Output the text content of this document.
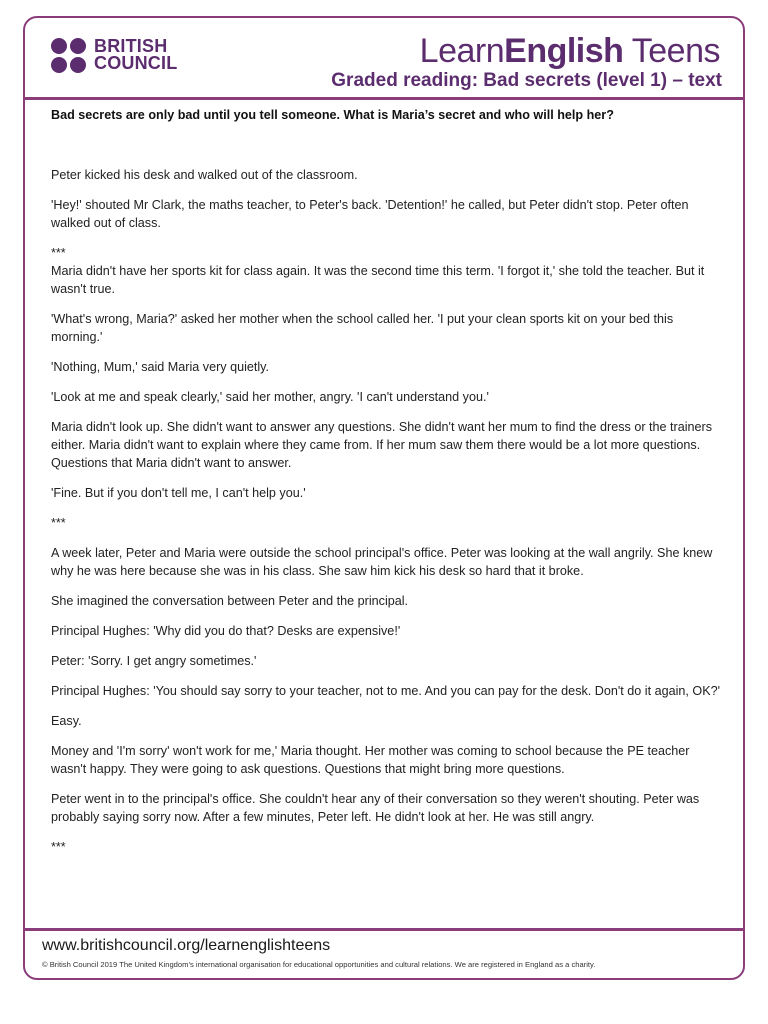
BRITISH
COUNCIL	LearnEnglish Teens
Graded reading: Bad secrets (level 1) – text
Bad secrets are only bad until you tell someone. What is Maria’s secret and who will help her?

Peter kicked his desk and walked out of the classroom.

'Hey!' shouted Mr Clark, the maths teacher, to Peter's back. 'Detention!' he called, but Peter didn't stop. Peter often walked out of class.

***

Maria didn't have her sports kit for class again. It was the second time this term. 'I forgot it,' she told the teacher. But it wasn't true.

'What's wrong, Maria?' asked her mother when the school called her. 'I put your clean sports kit on your bed this morning.'

'Nothing, Mum,' said Maria very quietly.

'Look at me and speak clearly,' said her mother, angry. 'I can't understand you.'

Maria didn't look up. She didn't want to answer any questions. She didn't want her mum to find the dress or the trainers either. Maria didn't want to explain where they came from. If her mum saw them there would be a lot more questions. Questions that Maria didn't want to answer.

'Fine. But if you don't tell me, I can't help you.'

***

A week later, Peter and Maria were outside the school principal's office. Peter was looking at the wall angrily. She knew why he was here because she was in his class. She saw him kick his desk so hard that it broke.

She imagined the conversation between Peter and the principal.

Principal Hughes: 'Why did you do that? Desks are expensive!'

Peter: 'Sorry. I get angry sometimes.'

Principal Hughes: 'You should say sorry to your teacher, not to me. And you can pay for the desk. Don't do it again, OK?'

Easy.

Money and 'I'm sorry' won't work for me,' Maria thought. Her mother was coming to school because the PE teacher wasn't happy. They were going to ask questions. Questions that might bring more questions.

Peter went in to the principal's office. She couldn't hear any of their conversation so they weren't shouting. Peter was probably saying sorry now. After a few minutes, Peter left. He didn't look at her. He was still angry.

***

www.britishcouncil.org/learnenglishteens
© British Council 2019 The United Kingdom’s international organisation for educational opportunities and cultural relations. We are registered in England as a charity.
